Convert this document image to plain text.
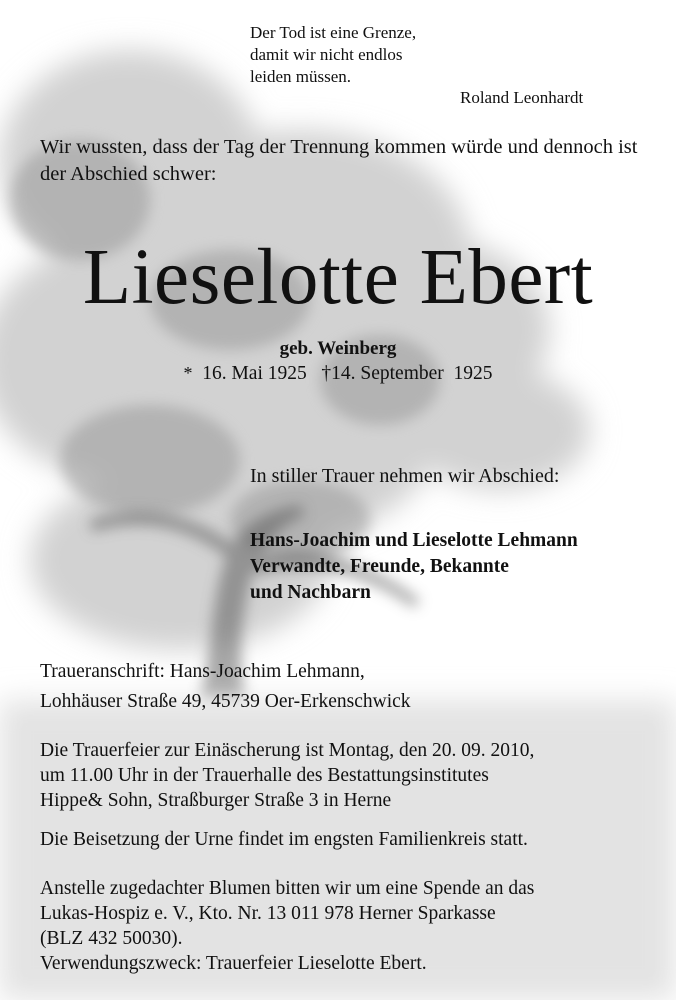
Der Tod ist eine Grenze,
damit wir nicht endlos
leiden müssen.
Roland Leonhardt

Wir wussten, dass der Tag der Trennung kommen würde und dennoch ist der Abschied schwer:

Lieselotte Ebert
geb. Weinberg
* 16. Mai 1925 †14. September  1925
In stiller Trauer nehmen wir Abschied:
Hans-Joachim und Lieselotte Lehmann
Verwandte, Freunde, Bekannte
und Nachbarn
Traueranschrift: Hans-Joachim Lehmann,
Lohhäuser Straße 49, 45739 Oer-Erkenschwick
Die Trauerfeier zur Einäscherung ist Montag, den 20. 09. 2010,
um 11.00 Uhr in der Trauerhalle des Bestattungsinstitutes
Hippe& Sohn, Straßburger Straße 3 in Herne
Die Beisetzung der Urne findet im engsten Familienkreis statt.
Anstelle zugedachter Blumen bitten wir um eine Spende an das
Lukas-Hospiz e. V., Kto. Nr. 13 011 978 Herner Sparkasse
(BLZ 432 50030).
Verwendungszweck: Trauerfeier Lieselotte Ebert.
